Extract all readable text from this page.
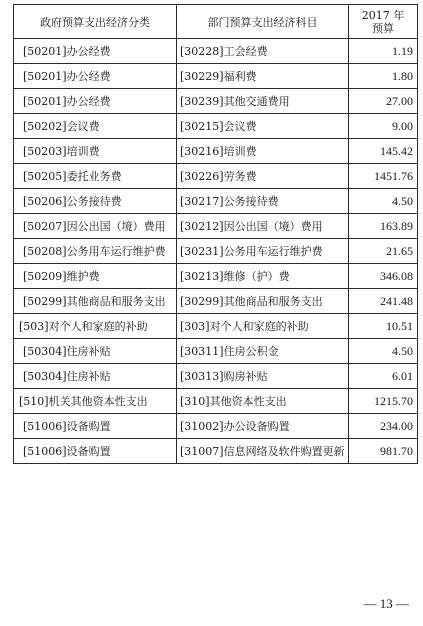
政府预算支出经济分类	部门预算支出经济科目	2017 年
预算
[50201]办公经费	[30228]工会经费	1.19
[50201]办公经费	[30229]福利费	1.80
[50201]办公经费	[30239]其他交通费用	27.00
[50202]会议费	[30215]会议费	9.00
[50203]培训费	[30216]培训费	145.42
[50205]委托业务费	[30226]劳务费	1451.76
[50206]公务接待费	[30217]公务接待费	4.50
[50207]因公出国（境）费用	[30212]因公出国（境）费用	163.89
[50208]公务用车运行维护费	[30231]公务用车运行维护费	21.65
[50209]维护费	[30213]维修（护）费	346.08
[50299]其他商品和服务支出	[30299]其他商品和服务支出	241.48
[503]对个人和家庭的补助	[303]对个人和家庭的补助	10.51
[50304]住房补贴	[30311]住房公积金	4.50
[50304]住房补贴	[30313]购房补贴	6.01
[510]机关其他资本性支出	[310]其他资本性支出	1215.70
[51006]设备购置	[31002]办公设备购置	234.00
[51006]设备购置	[31007]信息网络及软件购置更新	981.70
— 13 —
